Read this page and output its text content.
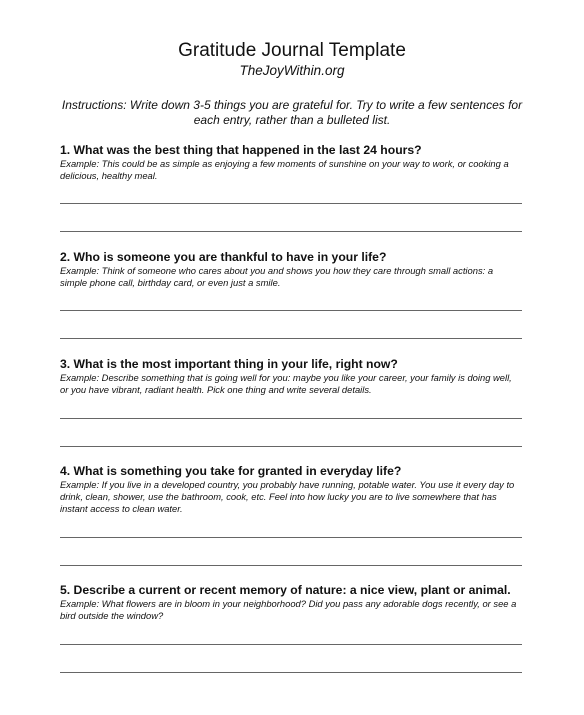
Gratitude Journal Template
TheJoyWithin.org
Instructions: Write down 3-5 things you are grateful for. Try to write a few sentences for each entry, rather than a bulleted list.
1. What was the best thing that happened in the last 24 hours?
Example: This could be as simple as enjoying a few moments of sunshine on your way to work, or cooking a delicious, healthy meal.
2. Who is someone you are thankful to have in your life?
Example: Think of someone who cares about you and shows you how they care through small actions: a simple phone call, birthday card, or even just a smile.
3. What is the most important thing in your life, right now?
Example: Describe something that is going well for you: maybe you like your career, your family is doing well, or you have vibrant, radiant health. Pick one thing and write several details.
4. What is something you take for granted in everyday life?
Example: If you live in a developed country, you probably have running, potable water. You use it every day to drink, clean, shower, use the bathroom, cook, etc. Feel into how lucky you are to live somewhere that has instant access to clean water.
5. Describe a current or recent memory of nature: a nice view, plant or animal.
Example: What flowers are in bloom in your neighborhood? Did you pass any adorable dogs recently, or see a bird outside the window?
